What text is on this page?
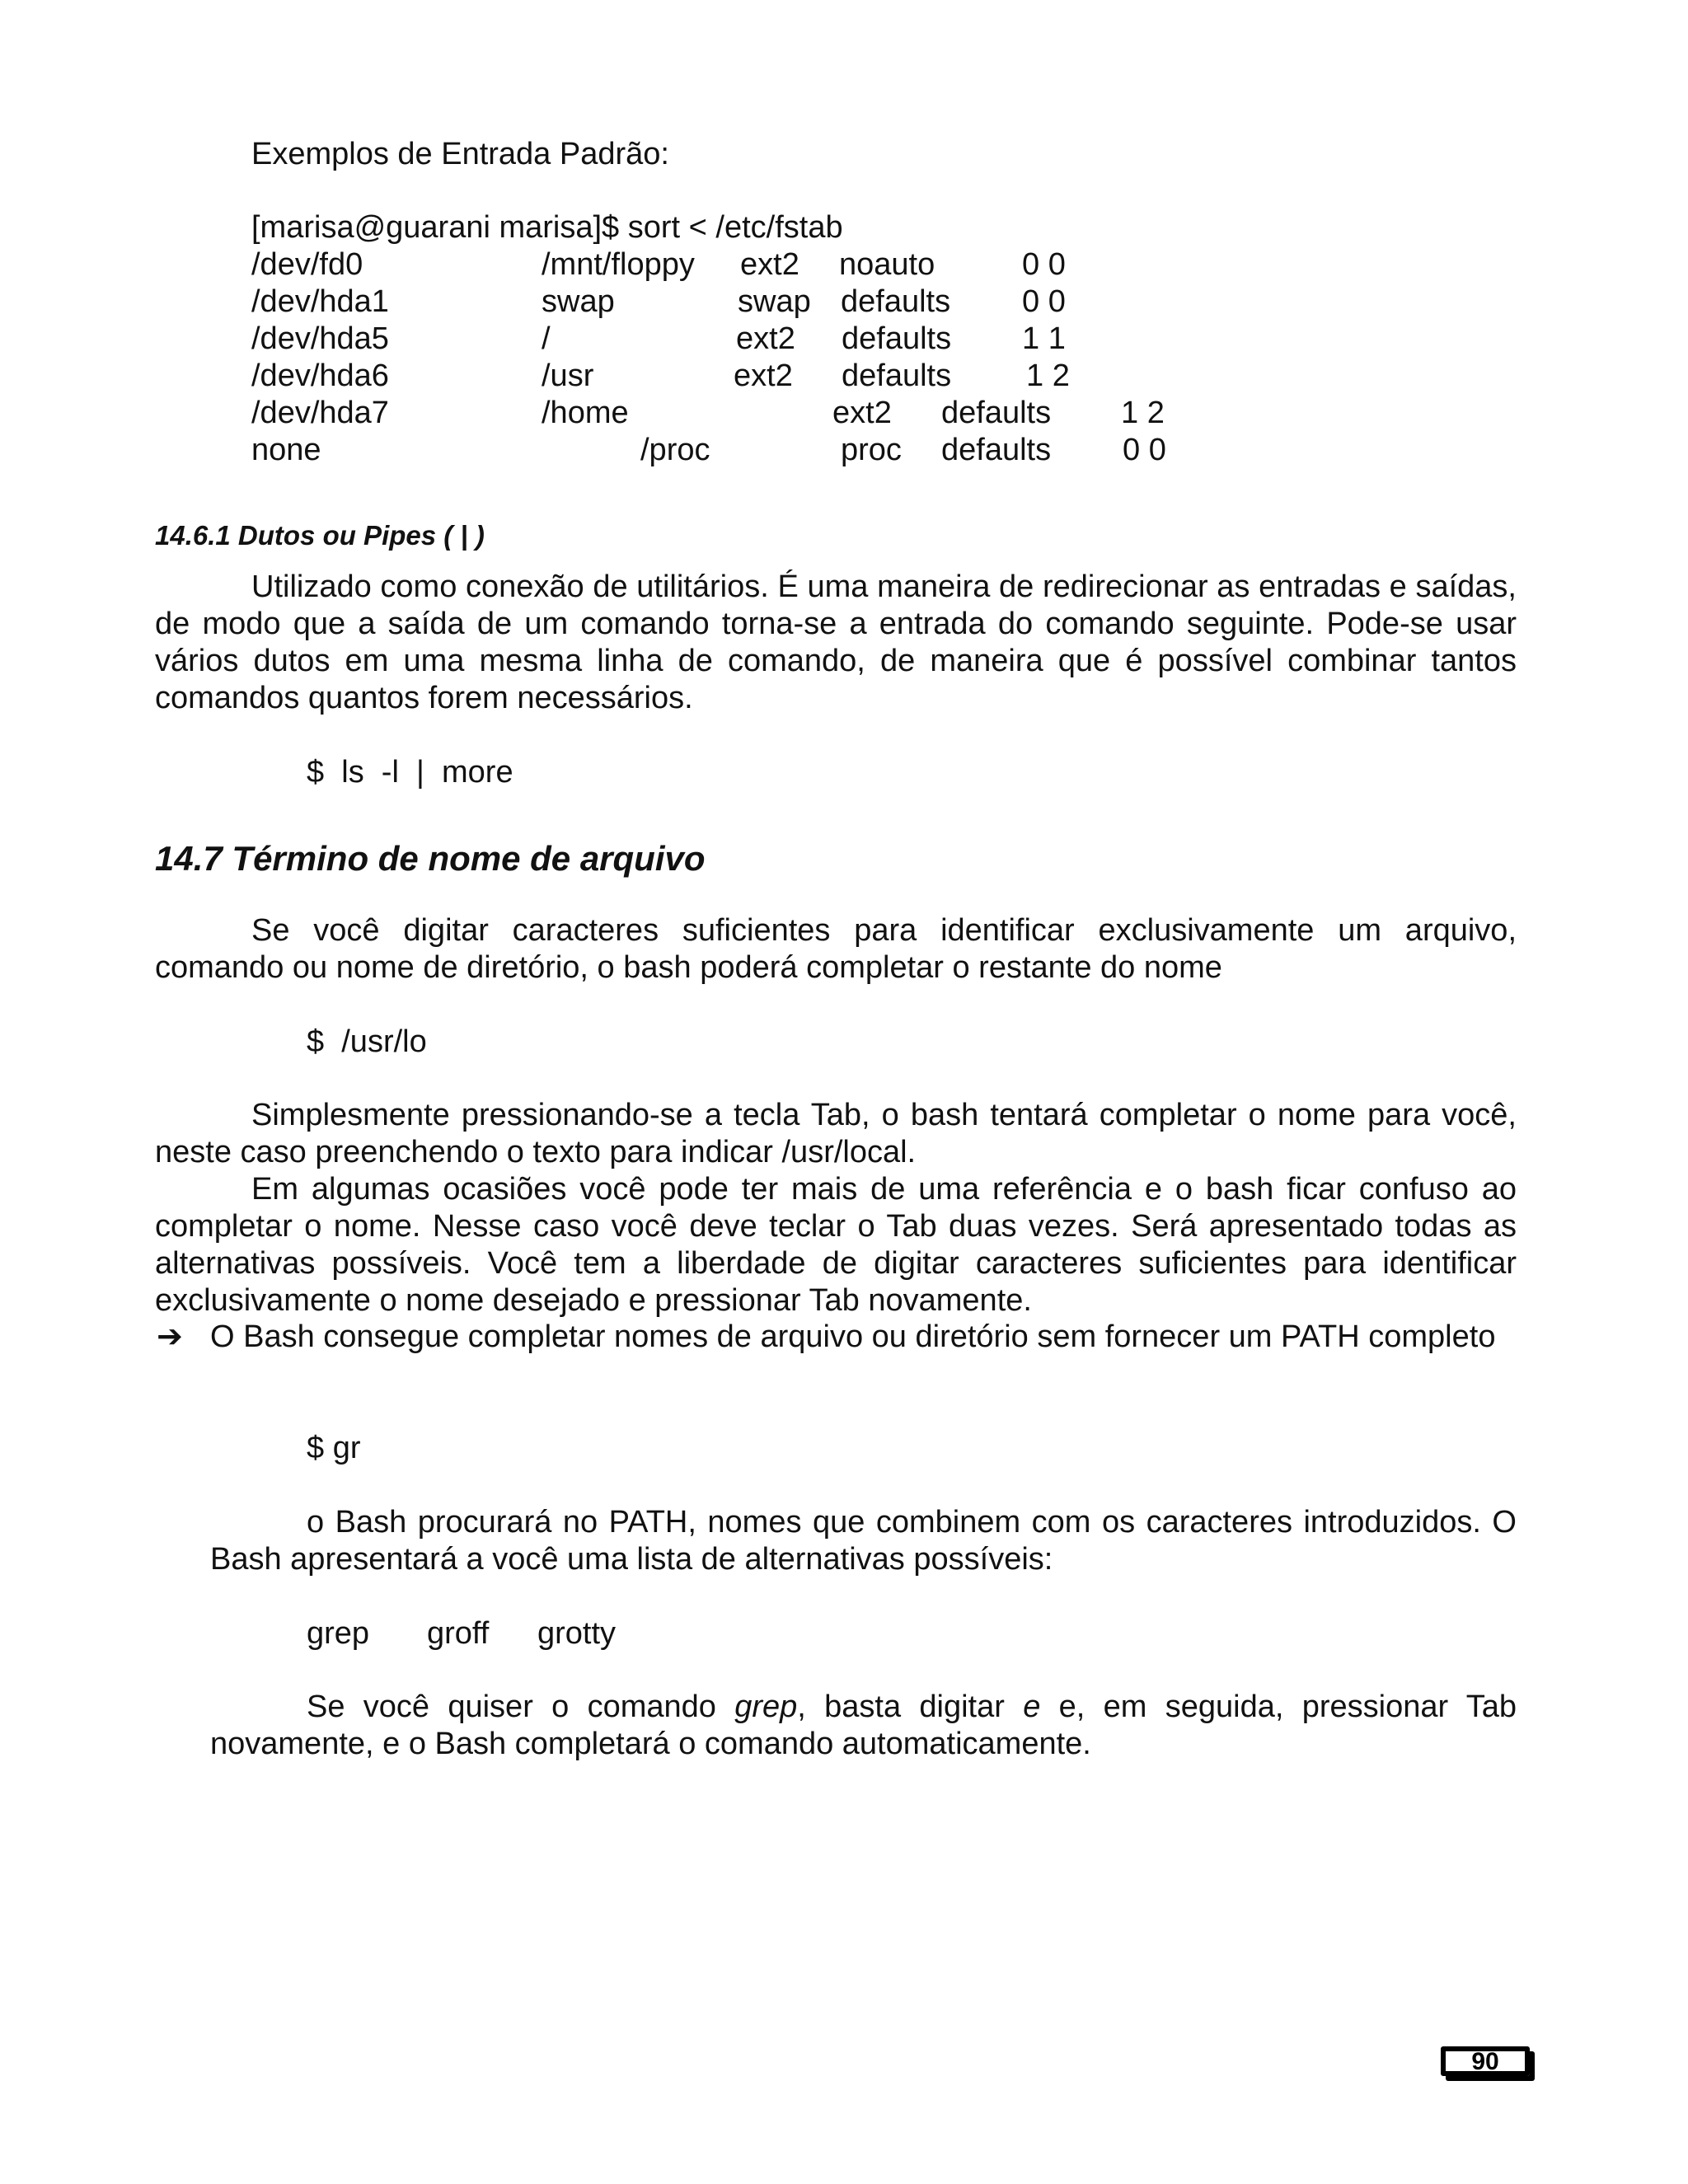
Exemplos de Entrada Padrão:
[marisa@guarani marisa]$ sort < /etc/fstab
/dev/fd0	/mnt/floppy ext2 noauto	0 0
/dev/hda1	swap	swap defaults 0 0
/dev/hda5	/	ext2 defaults 1 1
/dev/hda6	/usr	ext2 defaults 1 2
/dev/hda7	/home	ext2 defaults 1 2
none	/proc	proc defaults 0 0
14.6.1 Dutos ou Pipes ( | )
Utilizado como conexão de utilitários. É uma maneira de redirecionar as entradas e saídas, de modo que a saída de um comando torna-se a entrada do comando seguinte. Pode-se usar vários dutos em uma mesma linha de comando, de maneira que é possível combinar tantos comandos quantos forem necessários.
$  ls  -l  |  more
14.7 Término de nome de arquivo
Se você digitar caracteres suficientes para identificar exclusivamente um arquivo, comando ou nome de diretório, o bash poderá completar o restante do nome
$  /usr/lo
Simplesmente pressionando-se a tecla Tab, o bash tentará completar o nome para você, neste caso preenchendo o texto para indicar /usr/local.
Em algumas ocasiões você pode ter mais de uma referência e o bash ficar confuso ao completar o nome. Nesse caso você deve teclar o Tab duas vezes. Será apresentado todas as alternativas possíveis. Você tem a liberdade de digitar caracteres suficientes para identificar exclusivamente o nome desejado e pressionar Tab novamente.
➔ O Bash consegue completar nomes de arquivo ou diretório sem fornecer um PATH completo
$ gr
o Bash procurará no PATH, nomes que combinem com os caracteres introduzidos. O Bash apresentará a você uma lista de alternativas possíveis:
grep groff grotty
Se você quiser o comando grep, basta digitar e e, em seguida, pressionar Tab novamente, e o Bash completará o comando automaticamente.
90
